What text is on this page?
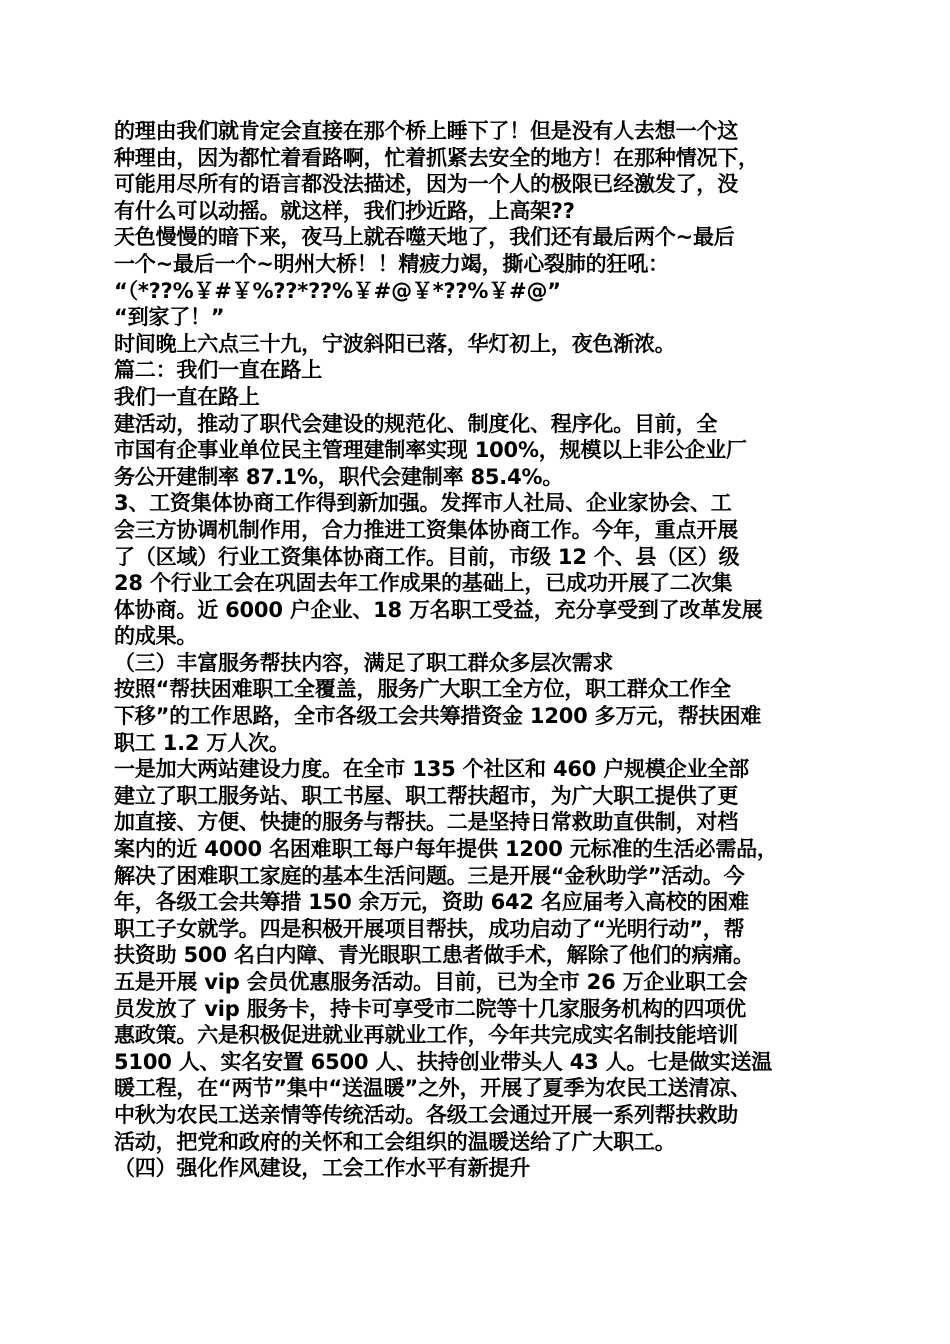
的理由我们就肯定会直接在那个桥上睡下了！但是没有人去想一个这
种理由，因为都忙着看路啊，忙着抓紧去安全的地方！在那种情况下，
可能用尽所有的语言都没法描述，因为一个人的极限已经激发了，没
有什么可以动摇。就这样，我们抄近路，上高架??
天色慢慢的暗下来，夜马上就吞噬天地了，我们还有最后两个~最后
一个~最后一个~明州大桥！！精疲力竭，撕心裂肺的狂吼：
“（*??%￥#￥%??*??%￥#@￥*??%￥#@”
“到家了！”
时间晚上六点三十九，宁波斜阳已落，华灯初上，夜色渐浓。
篇二：我们一直在路上
我们一直在路上
建活动，推动了职代会建设的规范化、制度化、程序化。目前，全
市国有企事业单位民主管理建制率实现 100%，规模以上非公企业厂
务公开建制率 87.1%，职代会建制率 85.4%。
3、工资集体协商工作得到新加强。发挥市人社局、企业家协会、工
会三方协调机制作用，合力推进工资集体协商工作。今年，重点开展
了（区域）行业工资集体协商工作。目前，市级 12 个、县（区）级
28 个行业工会在巩固去年工作成果的基础上，已成功开展了二次集
体协商。近 6000 户企业、18 万名职工受益，充分享受到了改革发展
的成果。
（三）丰富服务帮扶内容，满足了职工群众多层次需求
按照“帮扶困难职工全覆盖，服务广大职工全方位，职工群众工作全
下移”的工作思路，全市各级工会共筹措资金 1200 多万元，帮扶困难
职工 1.2 万人次。
一是加大两站建设力度。在全市 135 个社区和 460 户规模企业全部
建立了职工服务站、职工书屋、职工帮扶超市，为广大职工提供了更
加直接、方便、快捷的服务与帮扶。二是坚持日常救助直供制，对档
案内的近 4000 名困难职工每户每年提供 1200 元标准的生活必需品，
解决了困难职工家庭的基本生活问题。三是开展“金秋助学”活动。今
年，各级工会共筹措 150 余万元，资助 642 名应届考入高校的困难
职工子女就学。四是积极开展项目帮扶，成功启动了“光明行动”，帮
扶资助 500 名白内障、青光眼职工患者做手术，解除了他们的病痛。
五是开展 vip 会员优惠服务活动。目前，已为全市 26 万企业职工会
员发放了 vip 服务卡，持卡可享受市二院等十几家服务机构的四项优
惠政策。六是积极促进就业再就业工作，今年共完成实名制技能培训
5100 人、实名安置 6500 人、扶持创业带头人 43 人。七是做实送温
暖工程，在“两节”集中“送温暖”之外，开展了夏季为农民工送清凉、
中秋为农民工送亲情等传统活动。各级工会通过开展一系列帮扶救助
活动，把党和政府的关怀和工会组织的温暖送给了广大职工。
（四）强化作风建设，工会工作水平有新提升
